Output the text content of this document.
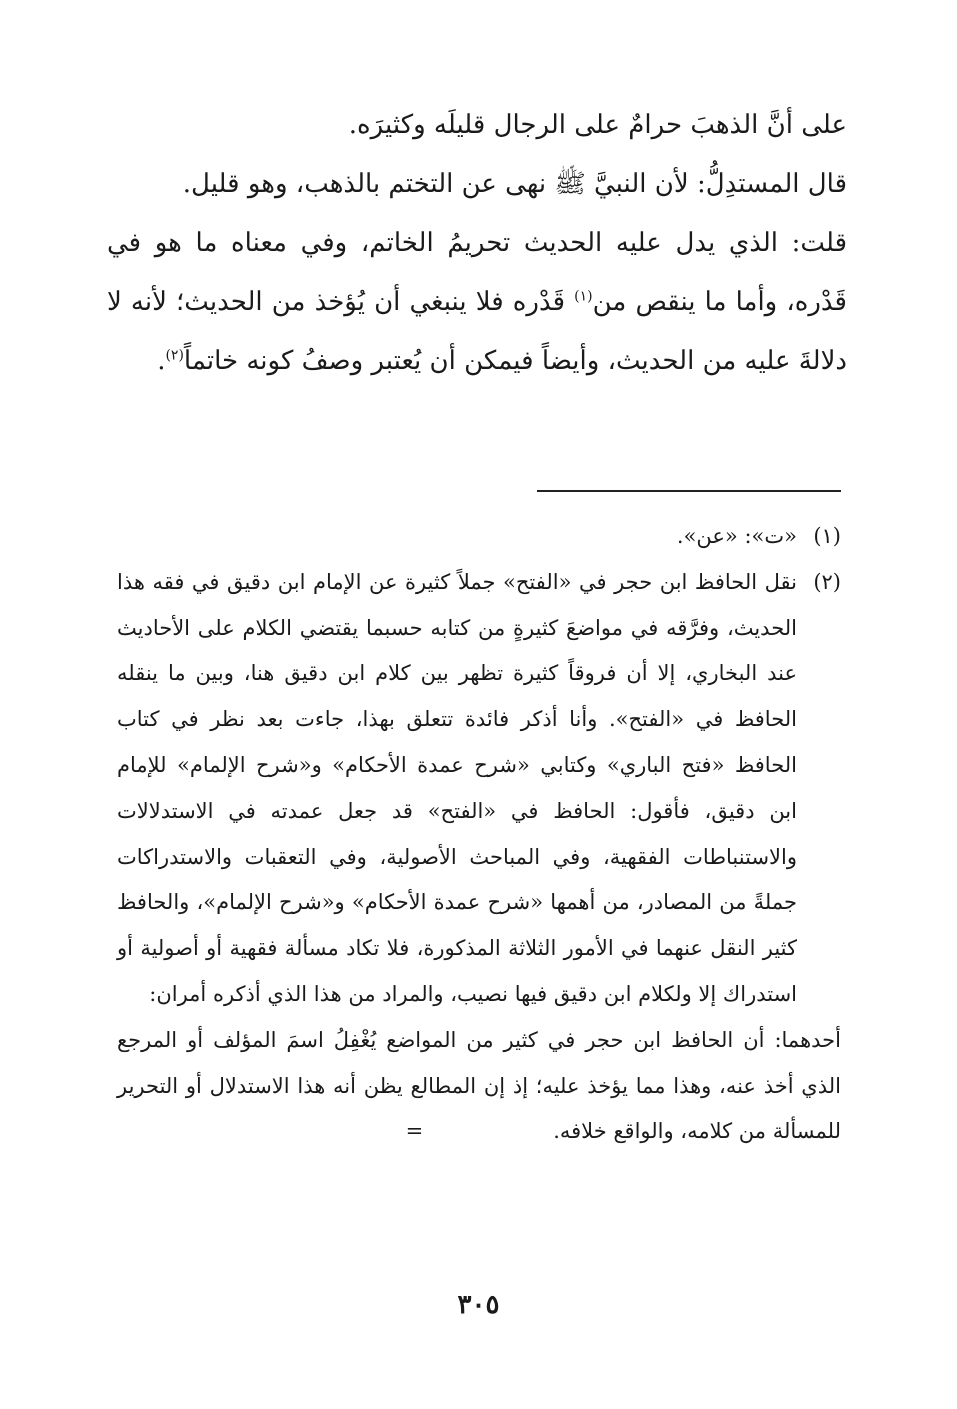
على أنَّ الذهبَ حرامٌ على الرجال قليلَه وكثيرَه.

قال المستدِلُّ: لأن النبيَّ ﷺ نهى عن التختم بالذهب، وهو قليل.

قلت: الذي يدل عليه الحديث تحريمُ الخاتم، وفي معناه ما هو في قَدْره، وأما ما ينقص من$^{(١)}$ قَدْره فلا ينبغي أن يُؤخذ من الحديث؛ لأنه لا دلالةَ عليه من الحديث، وأيضاً فيمكن أن يُعتبر وصفُ كونه خاتماً$^{(٢)}$.

(١)
«ت»: «عن».
(٢)

نقل الحافظ ابن حجر في «الفتح» جملاً كثيرة عن الإمام ابن دقيق في فقه هذا الحديث، وفرَّقه في مواضعَ كثيرةٍ من كتابه حسبما يقتضي الكلام على الأحاديث عند البخاري، إلا أن فروقاً كثيرة تظهر بين كلام ابن دقيق هنا، وبين ما ينقله الحافظ في «الفتح». وأنا أذكر فائدة تتعلق بهذا، جاءت بعد نظر في كتاب الحافظ «فتح الباري» وكتابي «شرح عمدة الأحكام» و«شرح الإلمام» للإمام ابن دقيق، فأقول: الحافظ في «الفتح» قد جعل عمدته في الاستدلالات والاستنباطات الفقهية، وفي المباحث الأصولية، وفي التعقبات والاستدراكات جملةً من المصادر، من أهمها «شرح عمدة الأحكام» و«شرح الإلمام»، والحافظ كثير النقل عنهما في الأمور الثلاثة المذكورة، فلا تكاد مسألة فقهية أو أصولية أو استدراك إلا ولكلام ابن دقيق فيها نصيب، والمراد من هذا الذي أذكره أمران:

أحدهما: أن الحافظ ابن حجر في كثير من المواضع يُغْفِلُ اسمَ المؤلف أو المرجع الذي أخذ عنه، وهذا مما يؤخذ عليه؛ إذ إن المطالع يظن أنه هذا الاستدلال أو التحرير للمسألة من كلامه، والواقع خلافه.=

٣٠٥
